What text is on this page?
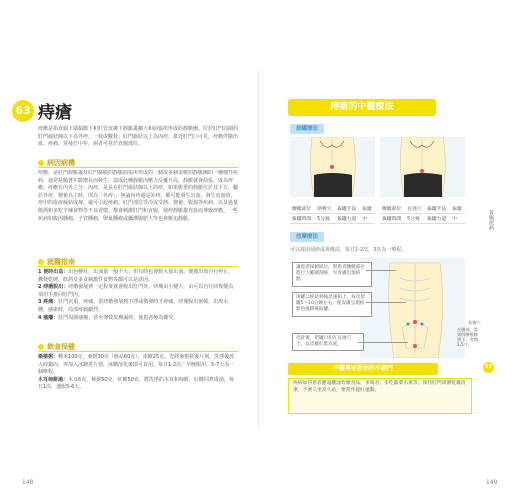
63 痔瘡
痔瘡是指直腸下端黏膜下和肛管皮膚下靜脈叢擴大和曲張所形成的靜脈團。位於肛門周圍的肛門齒狀線以下為外痔，一枝或數枝；肛門齒狀以上為內痔，靠近肛門口可見，痔瘡伴隨出血、疼痛、常發於中年，兩者可見於直腸部位。
病因病機
痔瘡，是肛門靜脈叢及肛門黏膜的靜脈曲張所形成的一個或多個柔軟的靜脈團的一種慢性疾病，通常是隨著年齡增長而發生，造成此種靜脈內壓力反覆升高，靜脈就會曲張，成為痔瘡。痔瘡有內外之分：內痔，是長在肛門齒狀線以上的痔，如果脫垂的靜脈位於其下方，屬於外痔。便祕為主時，則為「外痔」，無論內痔還是外痔，都可能發生出血，發生出血時，痔中的血液凝結成塊，還可引起疼痛。肛門部位受冷或受熱、便祕、腹瀉等疾病，以及過量飲酒和多吃辛辣食物等不良習慣，都會刺激肛門和直腸，使痔靜脈叢充血而導致痔瘡。一些疾病如腹內腫瘤，子宮腫瘤，卵巢腫瘤或攝護腺肥大等也會壓迫靜脈。
就醫指南
1 便時出血：出色鮮紅，出血量一般不大，但有時也會較大量出血。便後出血自行停止，糞便乾硬、飲酒及多食刺激性食物等都可以是誘因。
2 痔瘡脫出：痔瘡發展到一定程度就會脫出肛門外，痔塊由小變大，由可以自行回復變為須用手推回肛門內。
3 疼痛：肛門沉重、疼痛，當痔瘡發展到不淨或徵發時才疼痛，痔塊脫出嵌頓，出現水腫，感染時，局部疼痛劇烈。
4 瘙癢：肛門周圍瘙癢，甚至導致皮膚濕疹，使患者極為難受。
飲食保健
桑椹粥：粳米100克，桑椹30克（鮮品60克），冰糖25克。先將桑椹搓後片刻，洗淨後放入砂鍋內，再加入冰糖煮片刻，冰糖溶化後即可食用，每日1-2次，早晚服用，5-7天為一個療程。
木耳柿餅湯：木耳6克，柿餅50克，紅糖50克，將洗淨的木耳和柿餅，紅糖同煮成湯，每日1次，連服5-6天。
148
痔瘡的中醫療法
拔罐療法
腰骶部位	熱敷穴	拔罐手法	拔罐
拔罐時間	5分鐘	拔罐力道	中
腰骶部位	長強穴	拔罐手法	拔罐
拔罐時間	5分鐘	拔罐力道	中
按摩療法
可以採用刮痧或灸療法，每日1-2次，3次為一療程。
讓患者採俯臥位，對患者腰骶部位進行大範圍刮痧，至皮膚出現痧點。
用罐口經針刺後迅速扣上，每次留罐5～10分鐘左右，使皮膚呈現瘀紫色痕跡後取罐。
皮針後，把罐口扣在長強穴上，以皮膚紅紫為度。
長強穴
在腰部，當第四腰椎棘突下，旁開1.5寸。
中醫專家教你的小竅門
痔病如得患者應遠離油炸類食品，多喝水、多吃蔬菜水果等。保持肛門周圍乾燥清潔，不要久坐及久站，要常作提肛運動。
胃腸疾病
63
149
